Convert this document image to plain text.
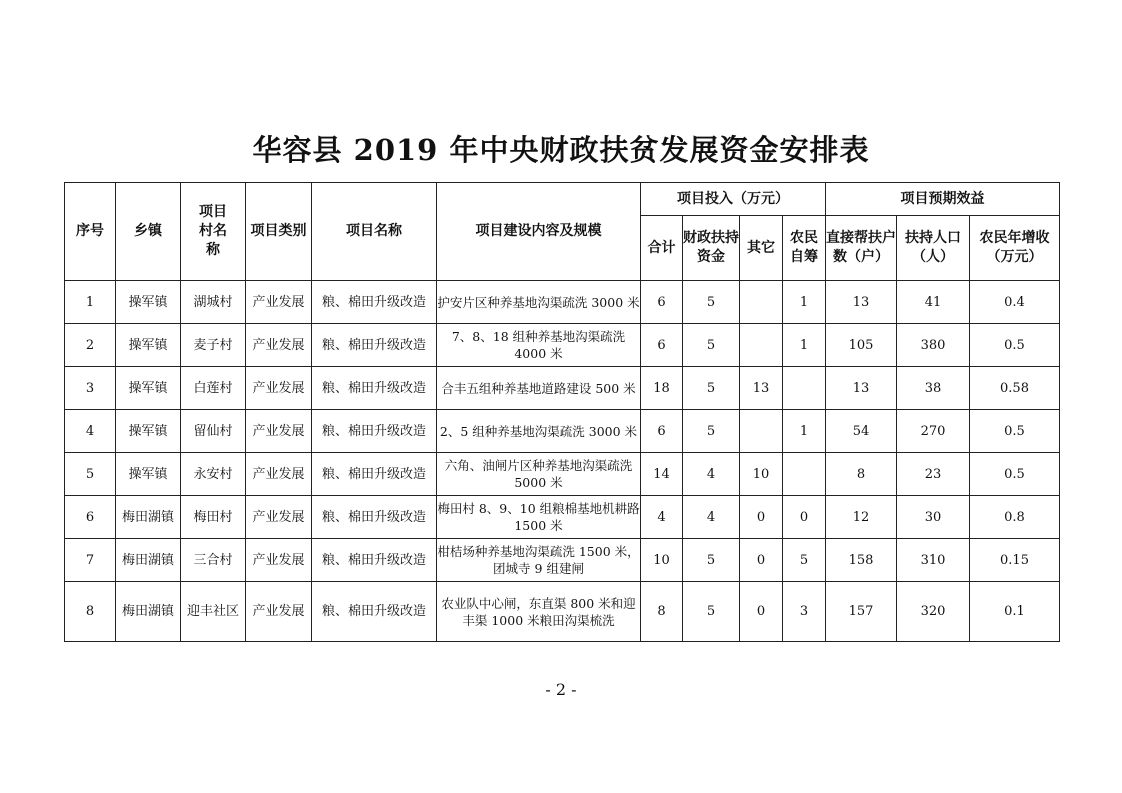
华容县 2019 年中央财政扶贫发展资金安排表
序号	乡镇	项目村名称	项目类别	项目名称	项目建设内容及规模	项目投入（万元）				项目预期效益		
						合计	财政扶持资金	其它	农民自筹	直接帮扶户数（户）	扶持人口（人）	农民年增收（万元）

1	操军镇	湖城村	产业发展	粮、棉田升级改造	护安片区种养基地沟渠疏洗 3000 米	6	5		1	13	41	0.4
2	操军镇	麦子村	产业发展	粮、棉田升级改造	7、8、18 组种养基地沟渠疏洗 4000 米	6	5		1	105	380	0.5
3	操军镇	白莲村	产业发展	粮、棉田升级改造	合丰五组种养基地道路建设 500 米	18	5	13		13	38	0.58
4	操军镇	留仙村	产业发展	粮、棉田升级改造	2、5 组种养基地沟渠疏洗 3000 米	6	5		1	54	270	0.5
5	操军镇	永安村	产业发展	粮、棉田升级改造	六角、油闸片区种养基地沟渠疏洗 5000 米	14	4	10		8	23	0.5
6	梅田湖镇	梅田村	产业发展	粮、棉田升级改造	梅田村 8、9、10 组粮棉基地机耕路 1500 米	4	4	0	0	12	30	0.8
7	梅田湖镇	三合村	产业发展	粮、棉田升级改造	柑桔场种养基地沟渠疏洗 1500 米，团城寺 9 组建闸	10	5	0	5	158	310	0.15
8	梅田湖镇	迎丰社区	产业发展	粮、棉田升级改造	农业队中心闸，东直渠 800 米和迎丰渠 1000 米粮田沟渠梳洗	8	5	0	3	157	320	0.1
- 2 -
